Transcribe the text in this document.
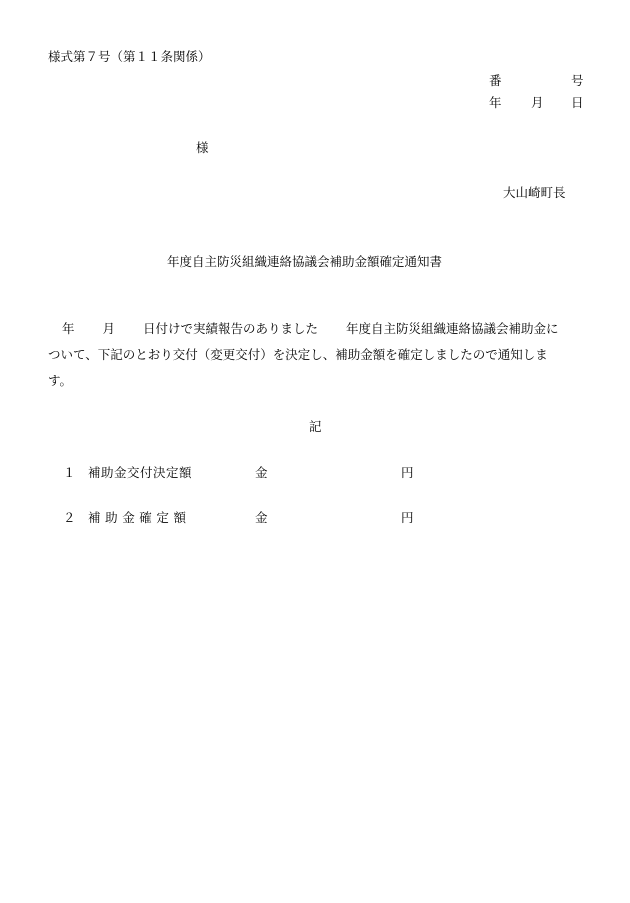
様式第７号（第１１条関係）
番	号
年 月 日
様
大山崎町長
年度自主防災組織連絡協議会補助金額確定通知書
年 月 日付けで実績報告のありました 年度自主防災組織連絡協議会補助金に
ついて、下記のとおり交付（変更交付）を決定し、補助金額を確定しましたので通知しま
す。
記
１ 補助金交付決定額	金	円
２ 補助金確定額	金	円
